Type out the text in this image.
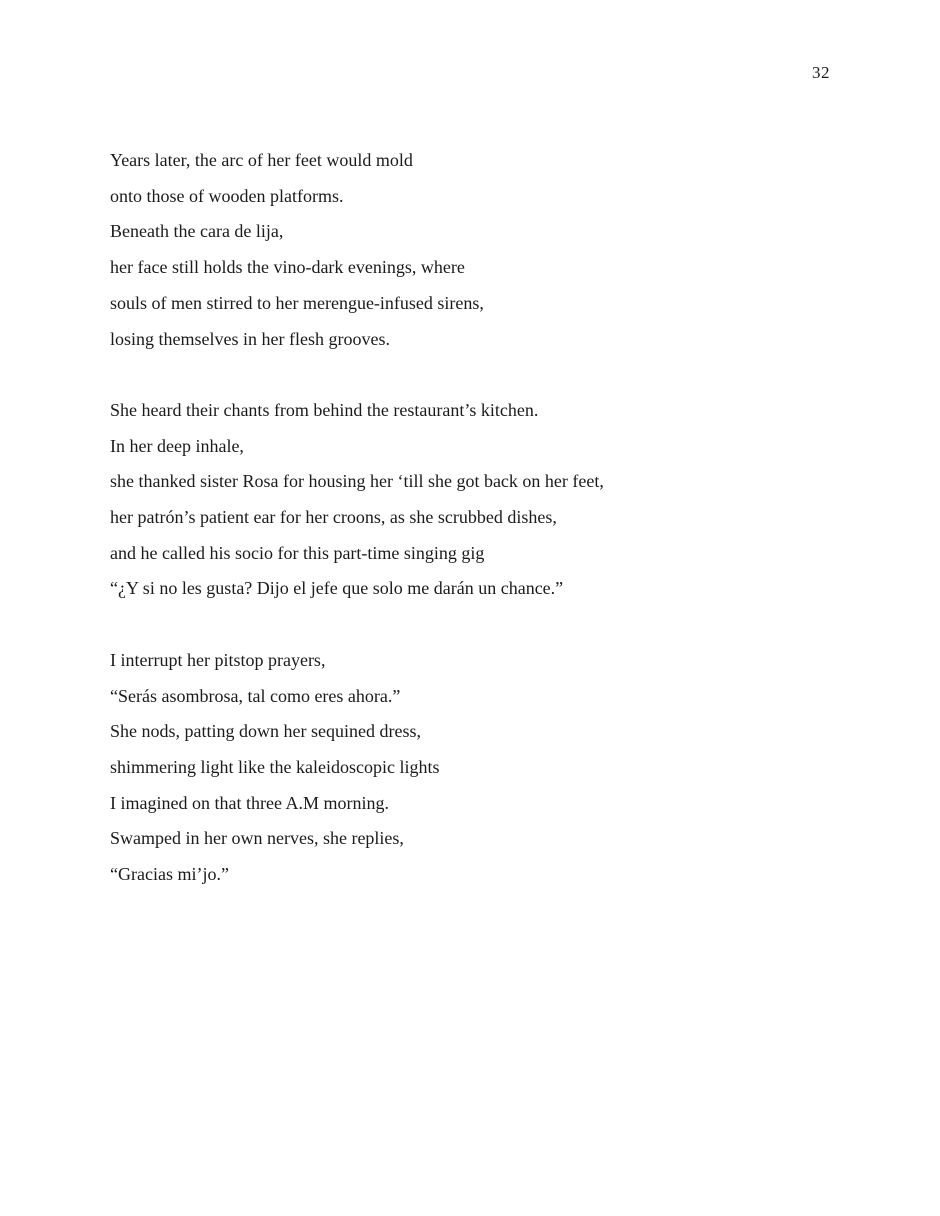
32
Years later, the arc of her feet would mold
onto those of wooden platforms.
Beneath the cara de lija,
her face still holds the vino-dark evenings, where
souls of men stirred to her merengue-infused sirens,
losing themselves in her flesh grooves.
She heard their chants from behind the restaurant’s kitchen.
In her deep inhale,
she thanked sister Rosa for housing her ‘till she got back on her feet,
her patrón’s patient ear for her croons, as she scrubbed dishes,
and he called his socio for this part-time singing gig
“¿Y si no les gusta? Dijo el jefe que solo me darán un chance.”
I interrupt her pitstop prayers,
“Serás asombrosa, tal como eres ahora.”
She nods, patting down her sequined dress,
shimmering light like the kaleidoscopic lights
I imagined on that three A.M morning.
Swamped in her own nerves, she replies,
“Gracias mi’jo.”
